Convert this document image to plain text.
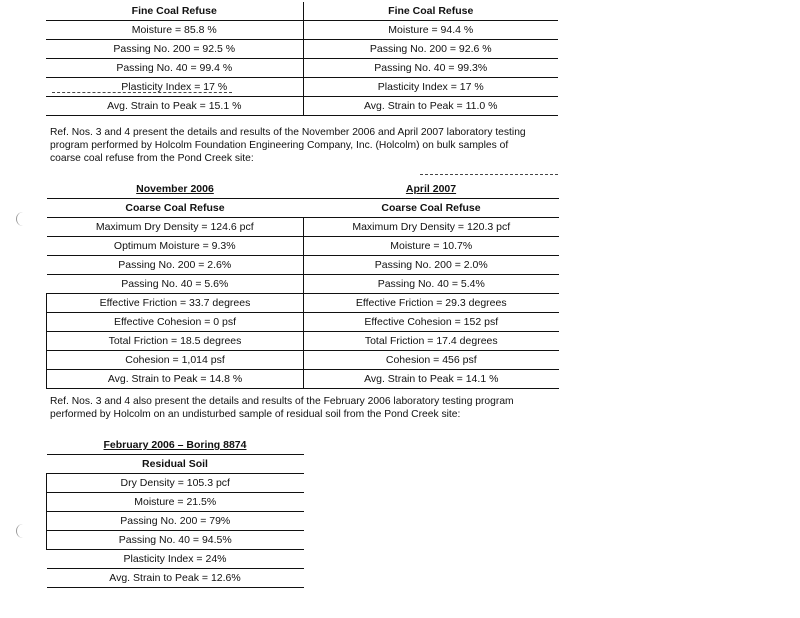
Fine Coal Refuse	Fine Coal Refuse
Moisture = 85.8 %	Moisture = 94.4 %
Passing No. 200 = 92.5 %	Passing No. 200 = 92.6 %
Passing No. 40 = 99.4 %	Passing No. 40 = 99.3%
Plasticity Index = 17 %	Plasticity Index = 17 %
Avg. Strain to Peak = 15.1 %	Avg. Strain to Peak = 11.0 %
Ref. Nos. 3 and 4 present the details and results of the November 2006 and April 2007 laboratory testing
program performed by Holcolm Foundation Engineering Company, Inc. (Holcolm) on bulk samples of
coarse coal refuse from the Pond Creek site:
November 2006	April 2007
Coarse Coal Refuse	Coarse Coal Refuse
Maximum Dry Density = 124.6 pcf	Maximum Dry Density = 120.3 pcf
Optimum Moisture = 9.3%	Moisture = 10.7%
Passing No. 200 = 2.6%	Passing No. 200 = 2.0%
Passing No. 40 = 5.6%	Passing No. 40 = 5.4%
Effective Friction = 33.7 degrees	Effective Friction = 29.3 degrees
Effective Cohesion = 0 psf	Effective Cohesion = 152 psf
Total Friction = 18.5 degrees	Total Friction = 17.4 degrees
Cohesion = 1,014 psf	Cohesion = 456 psf
Avg. Strain to Peak = 14.8 %	Avg. Strain to Peak = 14.1 %
Ref. Nos. 3 and 4 also present the details and results of the February 2006 laboratory testing program
performed by Holcolm on an undisturbed sample of residual soil from the Pond Creek site:
February 2006 – Boring 8874
Residual Soil
Dry Density = 105.3 pcf
Moisture = 21.5%
Passing No. 200 = 79%
Passing No. 40 = 94.5%
Plasticity Index = 24%
Avg. Strain to Peak = 12.6%
